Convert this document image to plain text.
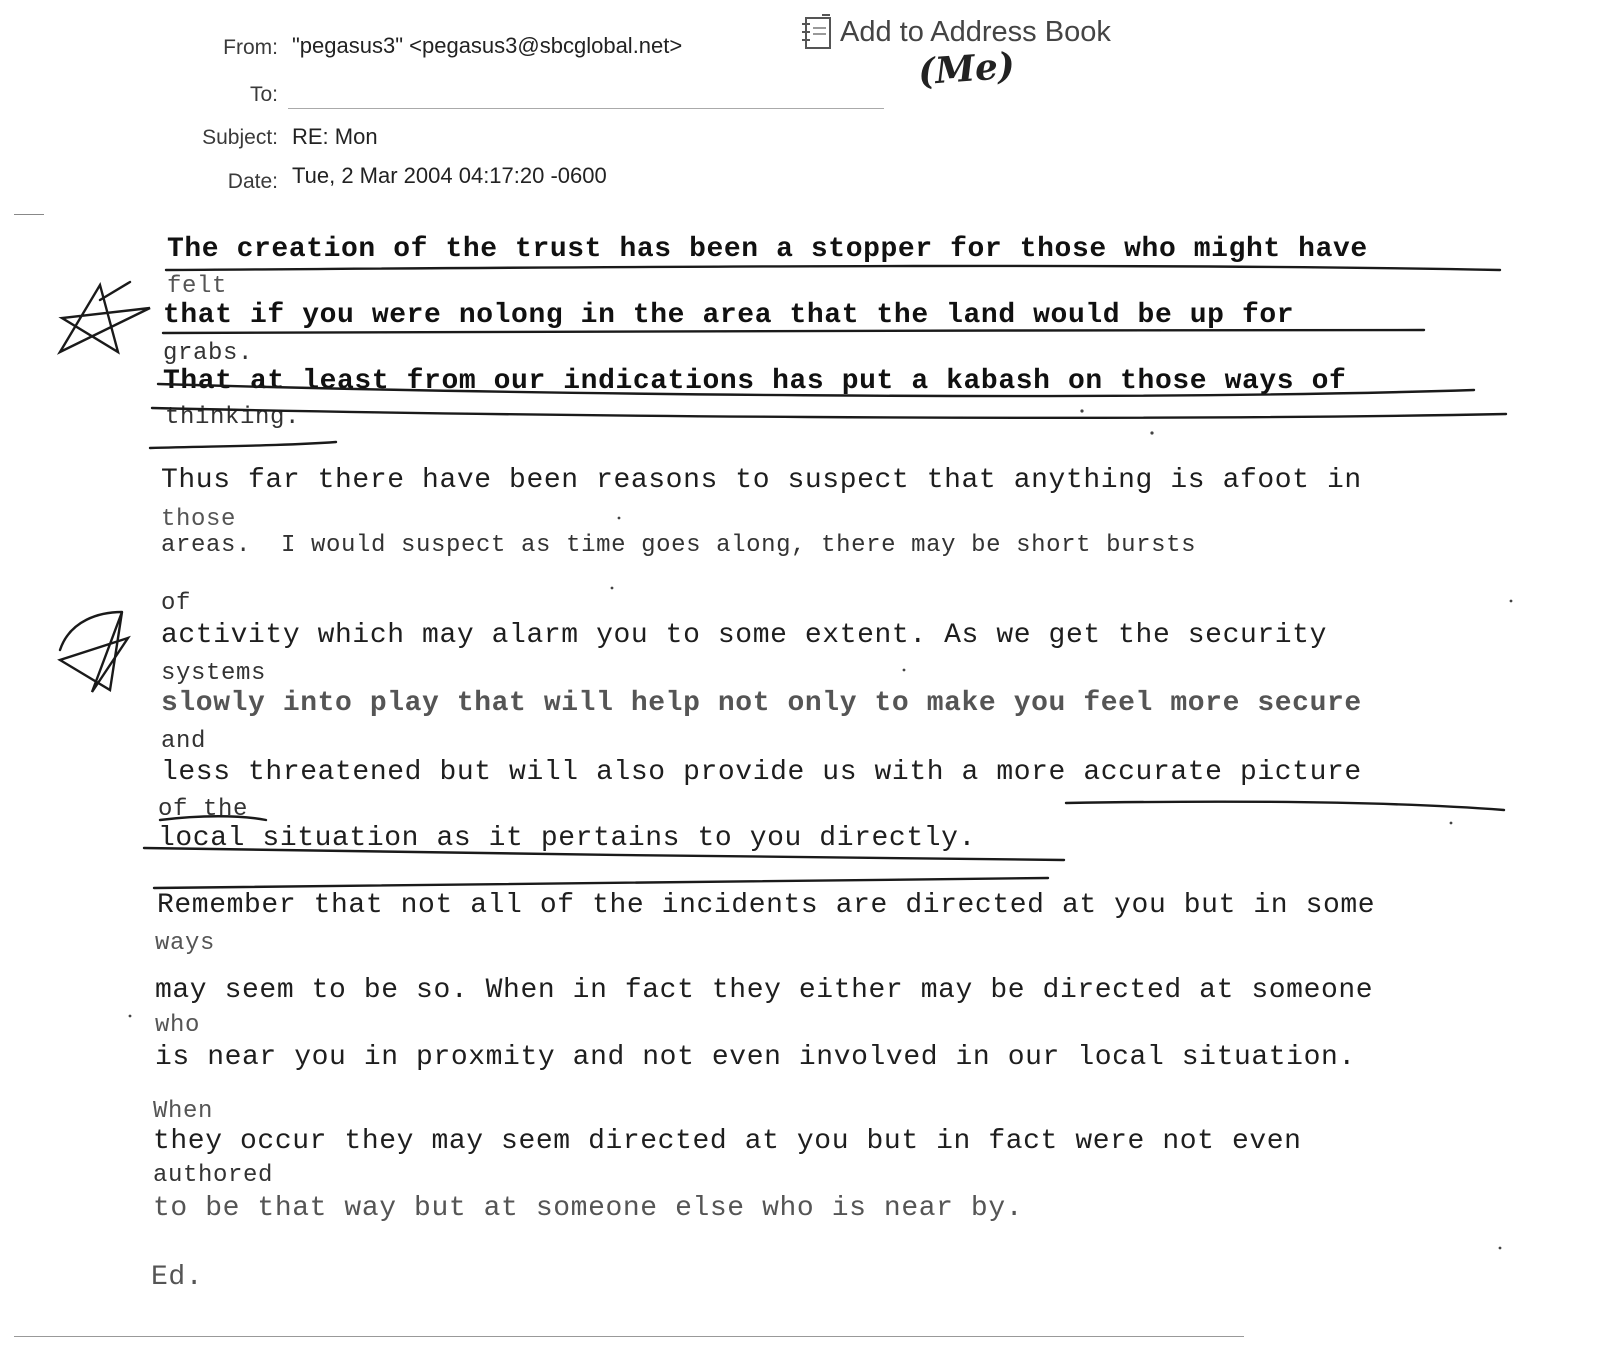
From: "pegasus3" <pegasus3@sbcglobal.net>	Add to Address Book
(Me)
To:
Subject: RE: Mon
Date: Tue, 2 Mar 2004 04:17:20 -0600
The creation of the trust has been a stopper for those who might have
felt
that if you were nolong in the area that the land would be up for
grabs.
That at least from our indications has put a kabash on those ways of
thinking.
Thus far there have been reasons to suspect that anything is afoot in
those
areas.  I would suspect as time goes along, there may be short bursts
of
activity which may alarm you to some extent. As we get the security
systems
slowly into play that will help not only to make you feel more secure
and
less threatened but will also provide us with a more accurate picture
of the
local situation as it pertains to you directly.
Remember that not all of the incidents are directed at you but in some
ways
may seem to be so. When in fact they either may be directed at someone
who
is near you in proxmity and not even involved in our local situation.
When
they occur they may seem directed at you but in fact were not even
authored
to be that way but at someone else who is near by.
Ed.
